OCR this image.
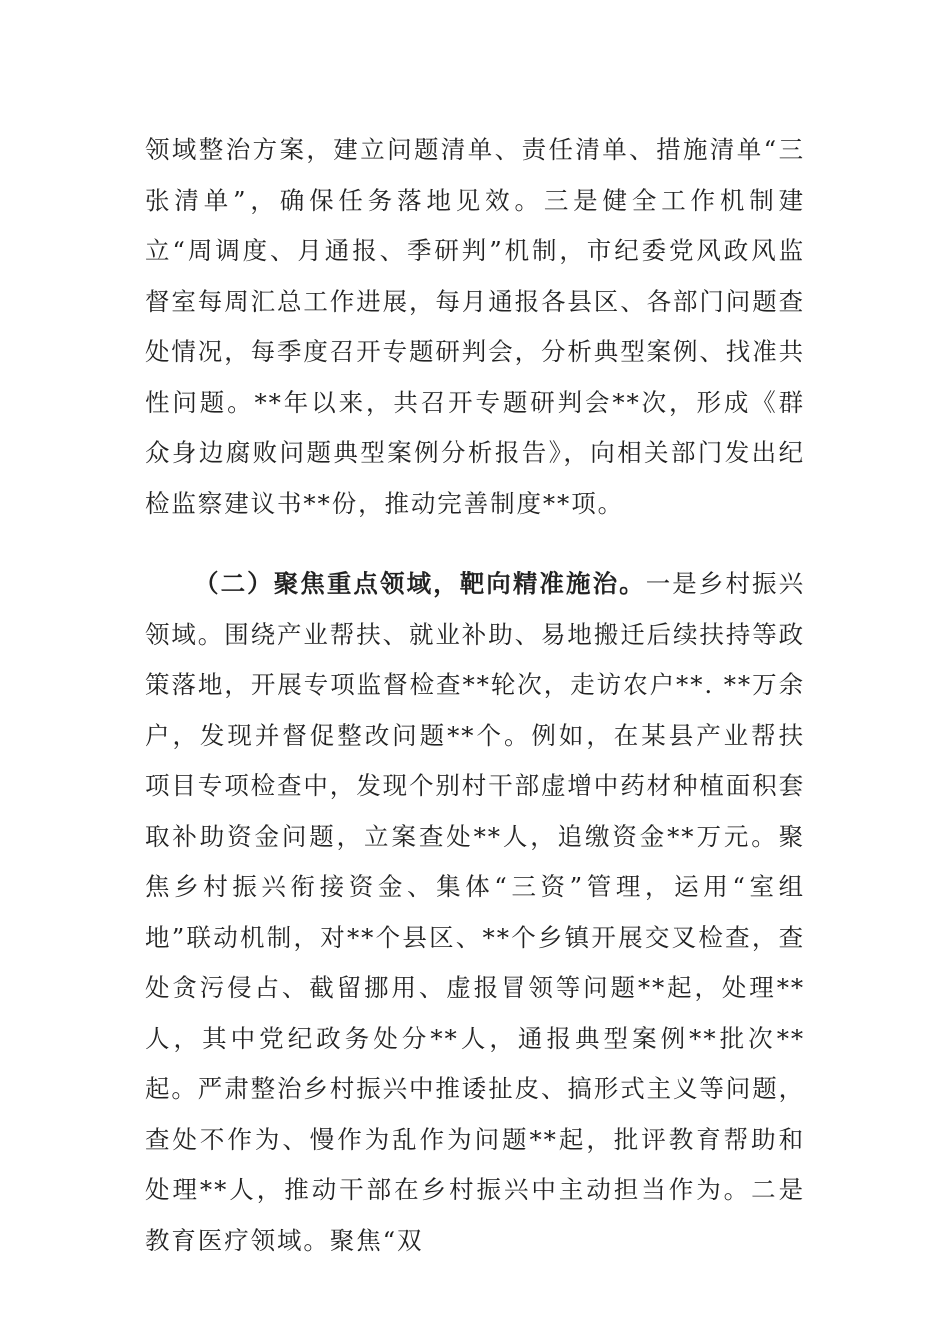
领域整治方案，建立问题清单、责任清单、措施清单“三张清单”，确保任务落地见效。三是健全工作机制建立“周调度、月通报、季研判”机制，市纪委党风政风监督室每周汇总工作进展，每月通报各县区、各部门问题查处情况，每季度召开专题研判会，分析典型案例、找准共性问题。**年以来，共召开专题研判会**次，形成《群众身边腐败问题典型案例分析报告》，向相关部门发出纪检监察建议书**份，推动完善制度**项。

（二）聚焦重点领域，靶向精准施治。一是乡村振兴领域。围绕产业帮扶、就业补助、易地搬迁后续扶持等政策落地，开展专项监督检查**轮次，走访农户**. **万余户，发现并督促整改问题**个。例如，在某县产业帮扶项目专项检查中，发现个别村干部虚增中药材种植面积套取补助资金问题，立案查处**人，追缴资金**万元。聚焦乡村振兴衔接资金、集体“三资”管理，运用“室组地”联动机制，对**个县区、**个乡镇开展交叉检查，查处贪污侵占、截留挪用、虚报冒领等问题**起，处理**人，其中党纪政务处分**人，通报典型案例**批次**起。严肃整治乡村振兴中推诿扯皮、搞形式主义等问题，查处不作为、慢作为乱作为问题**起，批评教育帮助和处理**人，推动干部在乡村振兴中主动担当作为。二是教育医疗领域。聚焦“双
